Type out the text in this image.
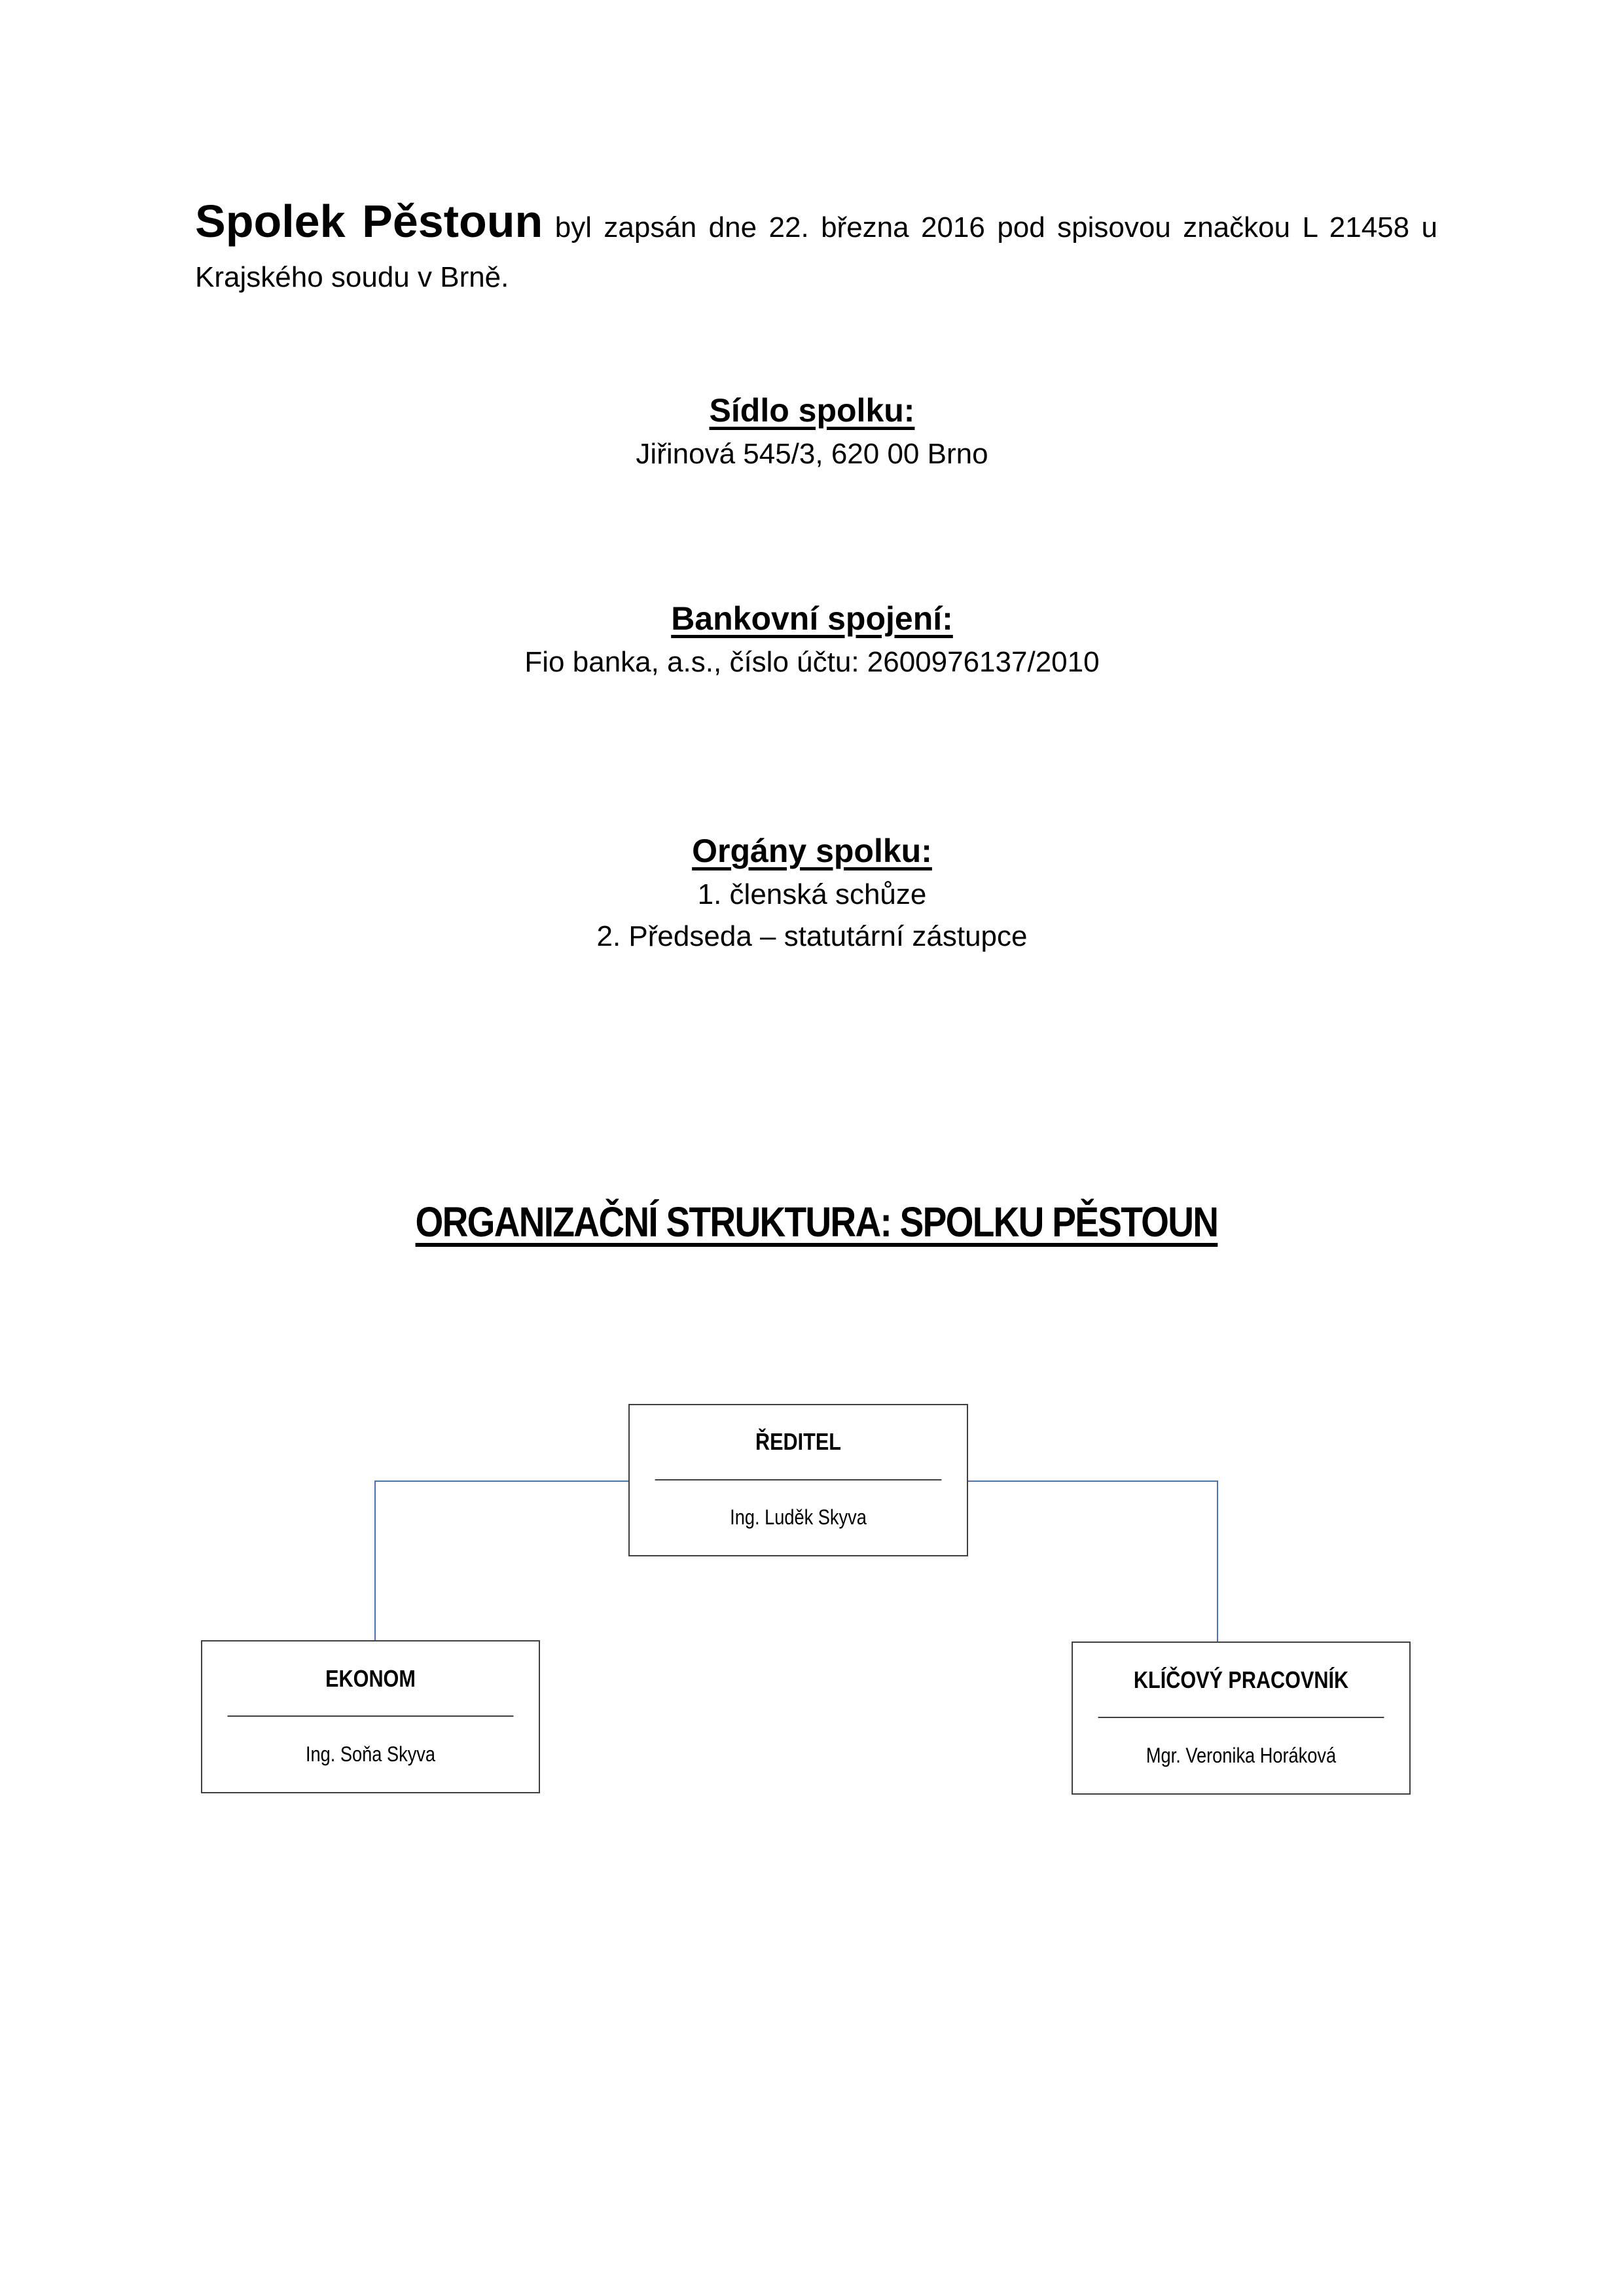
Spolek Pěstoun byl zapsán dne 22. března 2016 pod spisovou značkou L 21458 u Krajského soudu v Brně.
Sídlo spolku:
Jiřinová 545/3, 620 00 Brno
Bankovní spojení:
Fio banka, a.s., číslo účtu: 2600976137/2010
Orgány spolku:
1. členská schůze
2. Předseda – statutární zástupce
ORGANIZAČNÍ STRUKTURA: SPOLKU PĚSTOUN
ŘEDITEL
Ing. Luděk Skyva
EKONOM
Ing. Soňa Skyva
KLÍČOVÝ PRACOVNÍK
Mgr. Veronika Horáková
